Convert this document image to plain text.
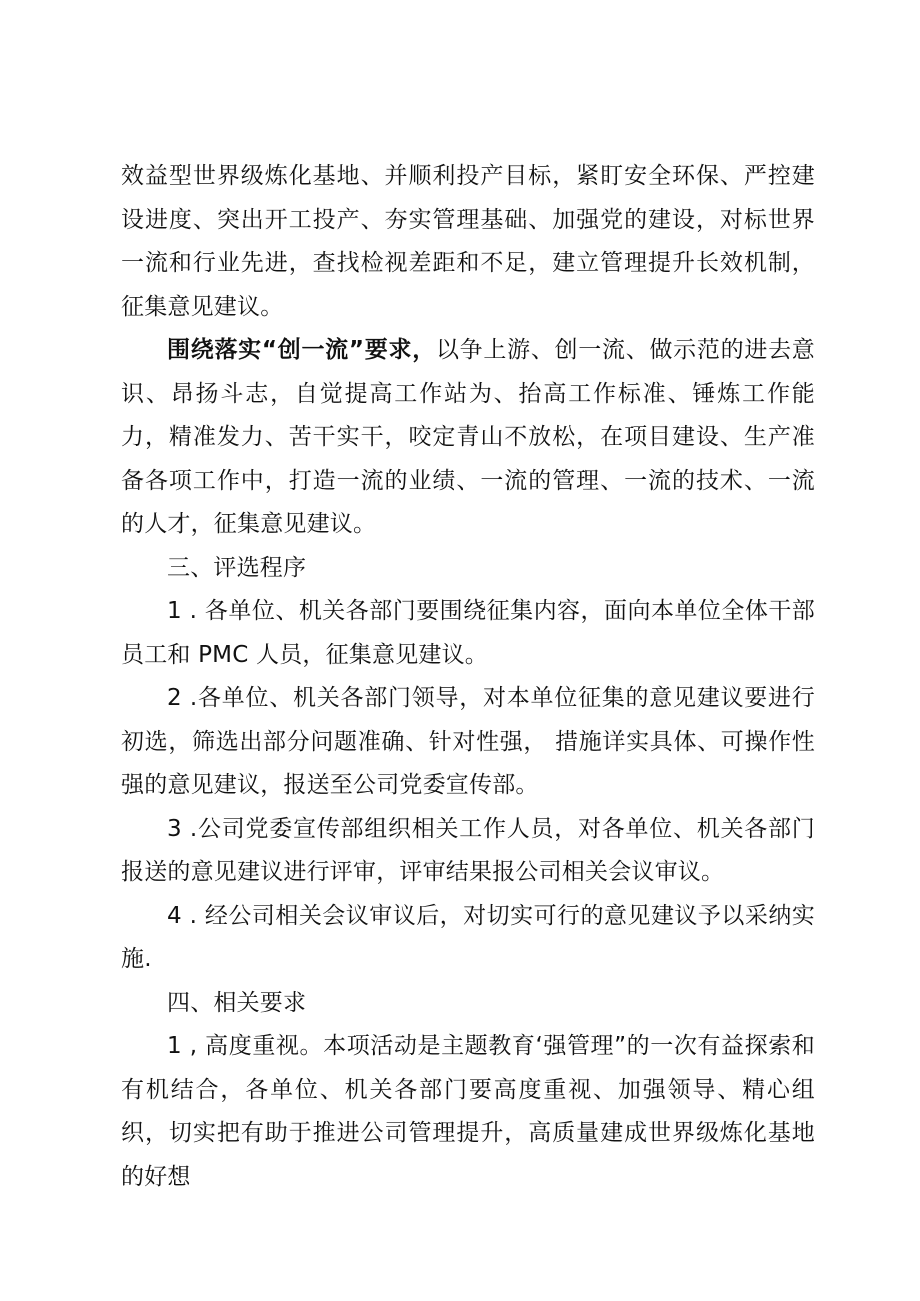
效益型世界级炼化基地、并顺利投产目标，紧盯安全环保、严控建设进度、突出开工投产、夯实管理基础、加强党的建设，对标世界一流和行业先进，查找检视差距和不足，建立管理提升长效机制，征集意见建议。

围绕落实“创一流”要求，以争上游、创一流、做示范的进去意识、昂扬斗志，自觉提高工作站为、抬高工作标准、锤炼工作能力，精准发力、苦干实干，咬定青山不放松，在项目建设、生产准备各项工作中，打造一流的业绩、一流的管理、一流的技术、一流的人才，征集意见建议。

三、评选程序

1 . 各单位、机关各部门要围绕征集内容，面向本单位全体干部员工和 PMC 人员，征集意见建议。

2 .各单位、机关各部门领导，对本单位征集的意见建议要进行初选，筛选出部分问题准确、针对性强， 措施详实具体、可操作性强的意见建议，报送至公司党委宣传部。

3 .公司党委宣传部组织相关工作人员，对各单位、机关各部门报送的意见建议进行评审，评审结果报公司相关会议审议。

4 . 经公司相关会议审议后，对切实可行的意见建议予以采纳实施.

四、相关要求

1 , 高度重视。本项活动是主题教育‘强管理”的一次有益探索和有机结合，各单位、机关各部门要高度重视、加强领导、精心组织，切实把有助于推进公司管理提升，高质量建成世界级炼化基地的好想
